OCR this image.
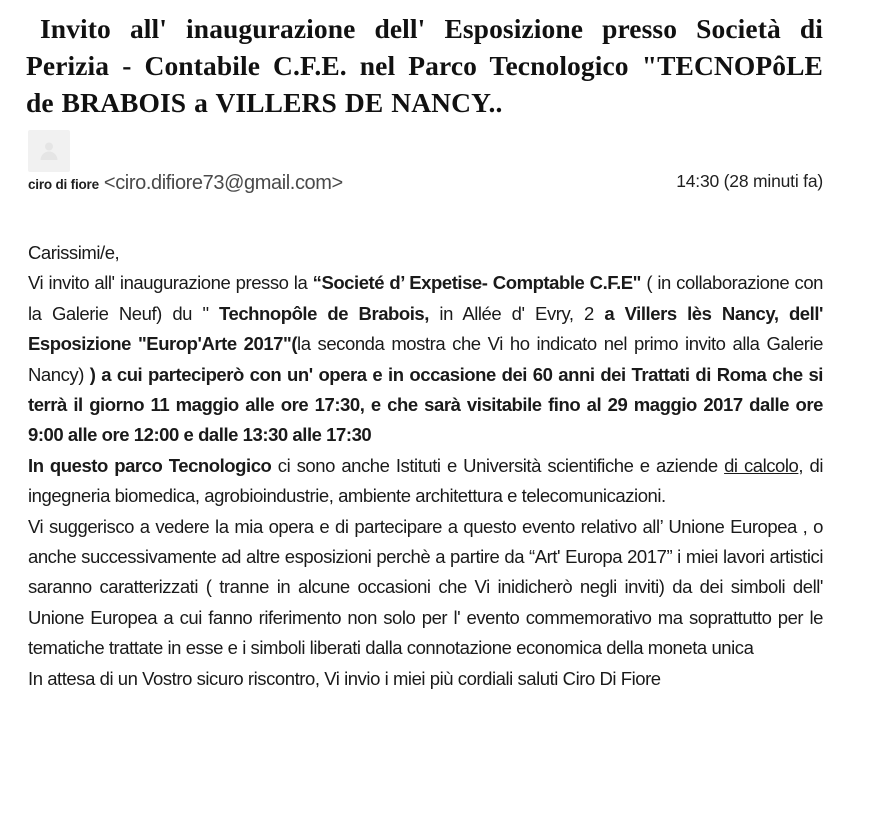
Invito all' inaugurazione dell' Esposizione presso Società di Perizia - Contabile C.F.E. nel Parco Tecnologico "TECNOPôLE de BRABOIS a VILLERS DE NANCY..
ciro di fiore <ciro.difiore73@gmail.com>	14:30 (28 minuti fa)

Carissimi/e,

Vi invito all' inaugurazione presso la “Societé d’ Expetise- Comptable C.F.E" ( in collaborazione con la Galerie Neuf) du " Technopôle de Brabois, in Allée d' Evry, 2 a Villers lès Nancy, dell' Esposizione "Europ'Arte 2017"(la seconda mostra che Vi ho indicato nel primo invito alla Galerie Nancy) ) a cui parteciperò con un' opera e in occasione dei 60 anni dei Trattati di Roma che si terrà il giorno 11 maggio alle ore 17:30, e che sarà visitabile fino al 29 maggio 2017 dalle ore 9:00 alle ore 12:00 e dalle 13:30 alle 17:30

In questo parco Tecnologico ci sono anche Istituti e Università scientifiche e aziende di calcolo, di ingegneria biomedica, agrobioindustrie, ambiente architettura e telecomunicazioni.

Vi suggerisco a vedere la mia opera e di partecipare a questo evento relativo all’ Unione Europea , o anche successivamente ad altre esposizioni perchè a partire da “Art' Europa 2017” i miei lavori artistici saranno caratterizzati ( tranne in alcune occasioni che Vi inidicherò negli inviti) da dei simboli dell' Unione Europea a cui fanno riferimento non solo per l' evento commemorativo ma soprattutto per le tematiche trattate in esse e i simboli liberati dalla connotazione economica della moneta unica

In attesa di un Vostro sicuro riscontro, Vi invio i miei più cordiali saluti Ciro Di Fiore
